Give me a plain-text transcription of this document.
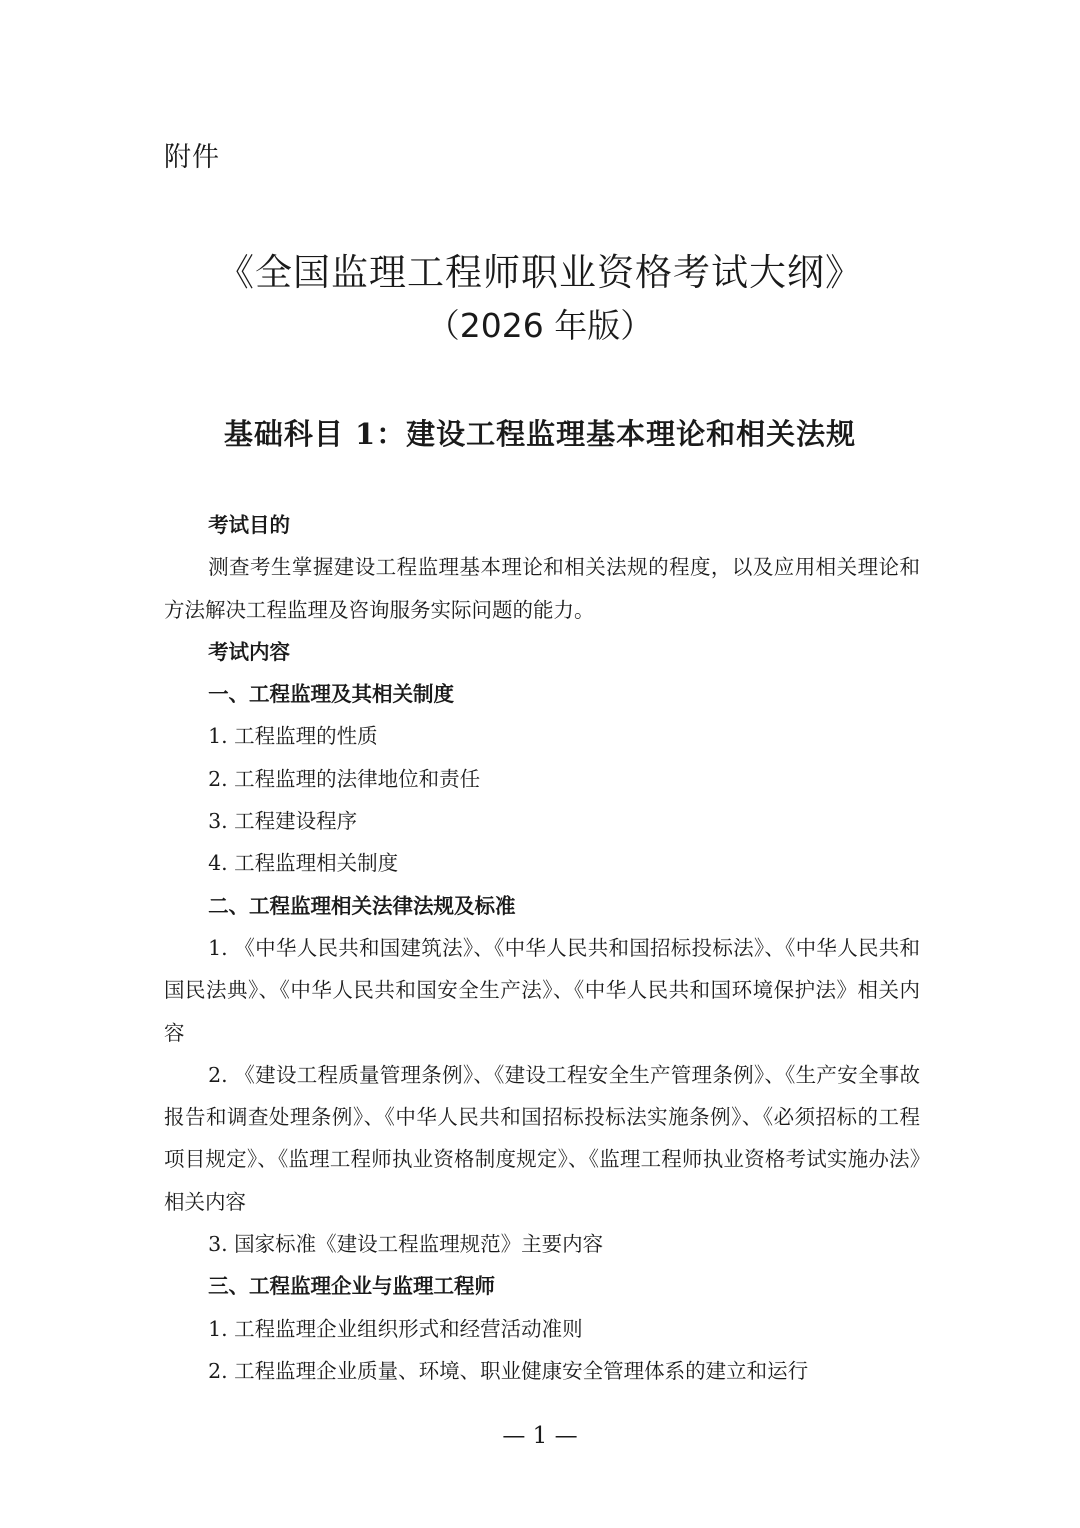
附件
《全国监理工程师职业资格考试大纲》
（2026 年版）
基础科目 1：建设工程监理基本理论和相关法规

考试目的

测查考生掌握建设工程监理基本理论和相关法规的程度，以及应用相关理论和方法解决工程监理及咨询服务实际问题的能力。

考试内容

一、工程监理及其相关制度

1. 工程监理的性质

2. 工程监理的法律地位和责任

3. 工程建设程序

4. 工程监理相关制度

二、工程监理相关法律法规及标准

1. 《中华人民共和国建筑法》、《中华人民共和国招标投标法》、《中华人民共和国民法典》、《中华人民共和国安全生产法》、《中华人民共和国环境保护法》相关内容

2. 《建设工程质量管理条例》、《建设工程安全生产管理条例》、《生产安全事故报告和调查处理条例》、《中华人民共和国招标投标法实施条例》、《必须招标的工程项目规定》、《监理工程师执业资格制度规定》、《监理工程师执业资格考试实施办法》相关内容

3. 国家标准《建设工程监理规范》主要内容

三、工程监理企业与监理工程师

1. 工程监理企业组织形式和经营活动准则

2. 工程监理企业质量、环境、职业健康安全管理体系的建立和运行

— 1 —
